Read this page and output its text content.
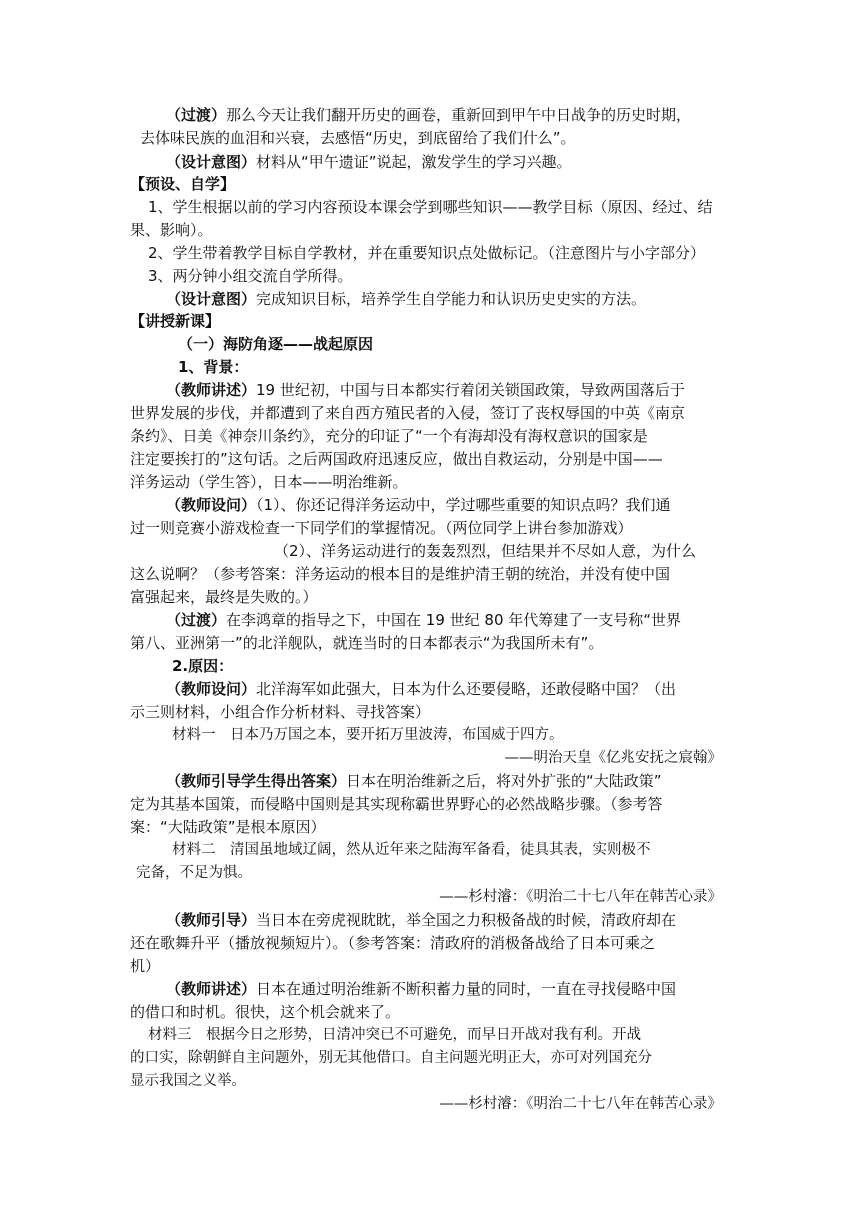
（过渡）那么今天让我们翻开历史的画卷，重新回到甲午中日战争的历史时期，
去体味民族的血泪和兴衰，去感悟“历史，到底留给了我们什么”。
（设计意图）材料从“甲午遗证”说起，激发学生的学习兴趣。
【预设、自学】
1、学生根据以前的学习内容预设本课会学到哪些知识——教学目标（原因、经过、结
果、影响）。
2、学生带着教学目标自学教材，并在重要知识点处做标记。（注意图片与小字部分）
3、两分钟小组交流自学所得。
（设计意图）完成知识目标，培养学生自学能力和认识历史史实的方法。
【讲授新课】
（一）海防角逐——战起原因
1、背景：
（教师讲述）19 世纪初，中国与日本都实行着闭关锁国政策，导致两国落后于
世界发展的步伐，并都遭到了来自西方殖民者的入侵，签订了丧权辱国的中英《南京
条约》、日美《神奈川条约》，充分的印证了“一个有海却没有海权意识的国家是
注定要挨打的”这句话。之后两国政府迅速反应，做出自救运动，分别是中国——
洋务运动（学生答），日本——明治维新。
（教师设问）（1）、你还记得洋务运动中，学过哪些重要的知识点吗？我们通
过一则竞赛小游戏检查一下同学们的掌握情况。（两位同学上讲台参加游戏）
（2）、洋务运动进行的轰轰烈烈，但结果并不尽如人意，为什么
这么说啊？（参考答案：洋务运动的根本目的是维护清王朝的统治，并没有使中国
富强起来，最终是失败的。）
（过渡）在李鸿章的指导之下，中国在 19 世纪 80 年代筹建了一支号称“世界
第八、亚洲第一”的北洋舰队，就连当时的日本都表示“为我国所未有”。
2.原因：
（教师设问）北洋海军如此强大，日本为什么还要侵略，还敢侵略中国？（出
示三则材料，小组合作分析材料、寻找答案）
材料一　日本乃万国之本，要开拓万里波涛，布国威于四方。
——明治天皇《亿兆安抚之宸翰》
（教师引导学生得出答案）日本在明治维新之后，将对外扩张的“大陆政策”
定为其基本国策，而侵略中国则是其实现称霸世界野心的必然战略步骤。（参考答
案：“大陆政策”是根本原因）
材料二　清国虽地域辽阔，然从近年来之陆海军备看，徒具其表，实则极不
完备，不足为惧。
——杉村濬：《明治二十七八年在韩苦心录》
（教师引导）当日本在旁虎视眈眈，举全国之力积极备战的时候，清政府却在
还在歌舞升平（播放视频短片）。（参考答案：清政府的消极备战给了日本可乘之
机）
（教师讲述）日本在通过明治维新不断积蓄力量的同时，一直在寻找侵略中国
的借口和时机。很快，这个机会就来了。
材料三　根据今日之形势，日清冲突已不可避免，而早日开战对我有利。开战
的口实，除朝鲜自主问题外，别无其他借口。自主问题光明正大，亦可对列国充分
显示我国之义举。
——杉村濬：《明治二十七八年在韩苦心录》
